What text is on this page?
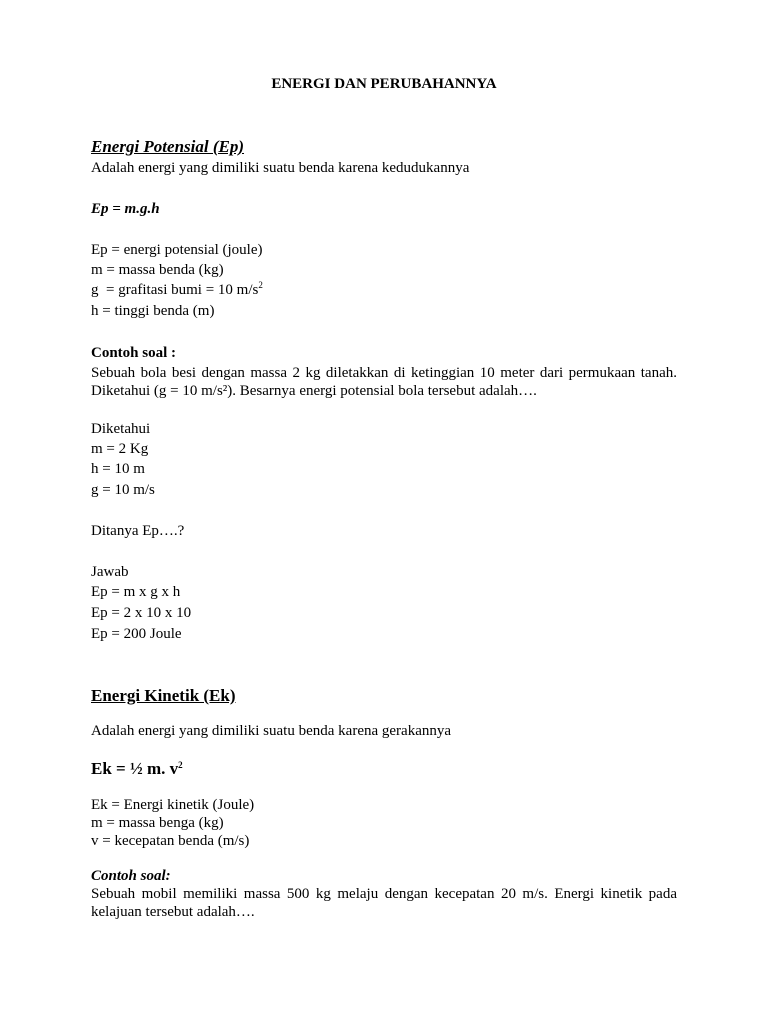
ENERGI DAN PERUBAHANNYA
Energi Potensial (Ep)
Adalah energi yang dimiliki suatu benda karena kedudukannya
Ep = m.g.h
Ep = energi potensial (joule)
m = massa benda (kg)
g  = grafitasi bumi = 10 $m/s^2$
h = tinggi benda (m)
Contoh soal :
Sebuah bola besi dengan massa 2 kg diletakkan di ketinggian 10 meter dari permukaan tanah. Diketahui (g = 10 m/s²). Besarnya energi potensial bola tersebut adalah….
Diketahui
m = 2 Kg
h = 10 m
g = 10 m/s
Ditanya Ep….?
Jawab
Ep = m x g x h
Ep = 2 x 10 x 10
Ep = 200 Joule
Energi Kinetik (Ek)
Adalah energi yang dimiliki suatu benda karena gerakannya
Ek = ½ m. $v^2$
Ek = Energi kinetik (Joule)
m = massa benga (kg)
v = kecepatan benda (m/s)
Contoh soal:
Sebuah mobil memiliki massa 500 kg melaju dengan kecepatan 20 m/s. Energi kinetik pada kelajuan tersebut adalah….
